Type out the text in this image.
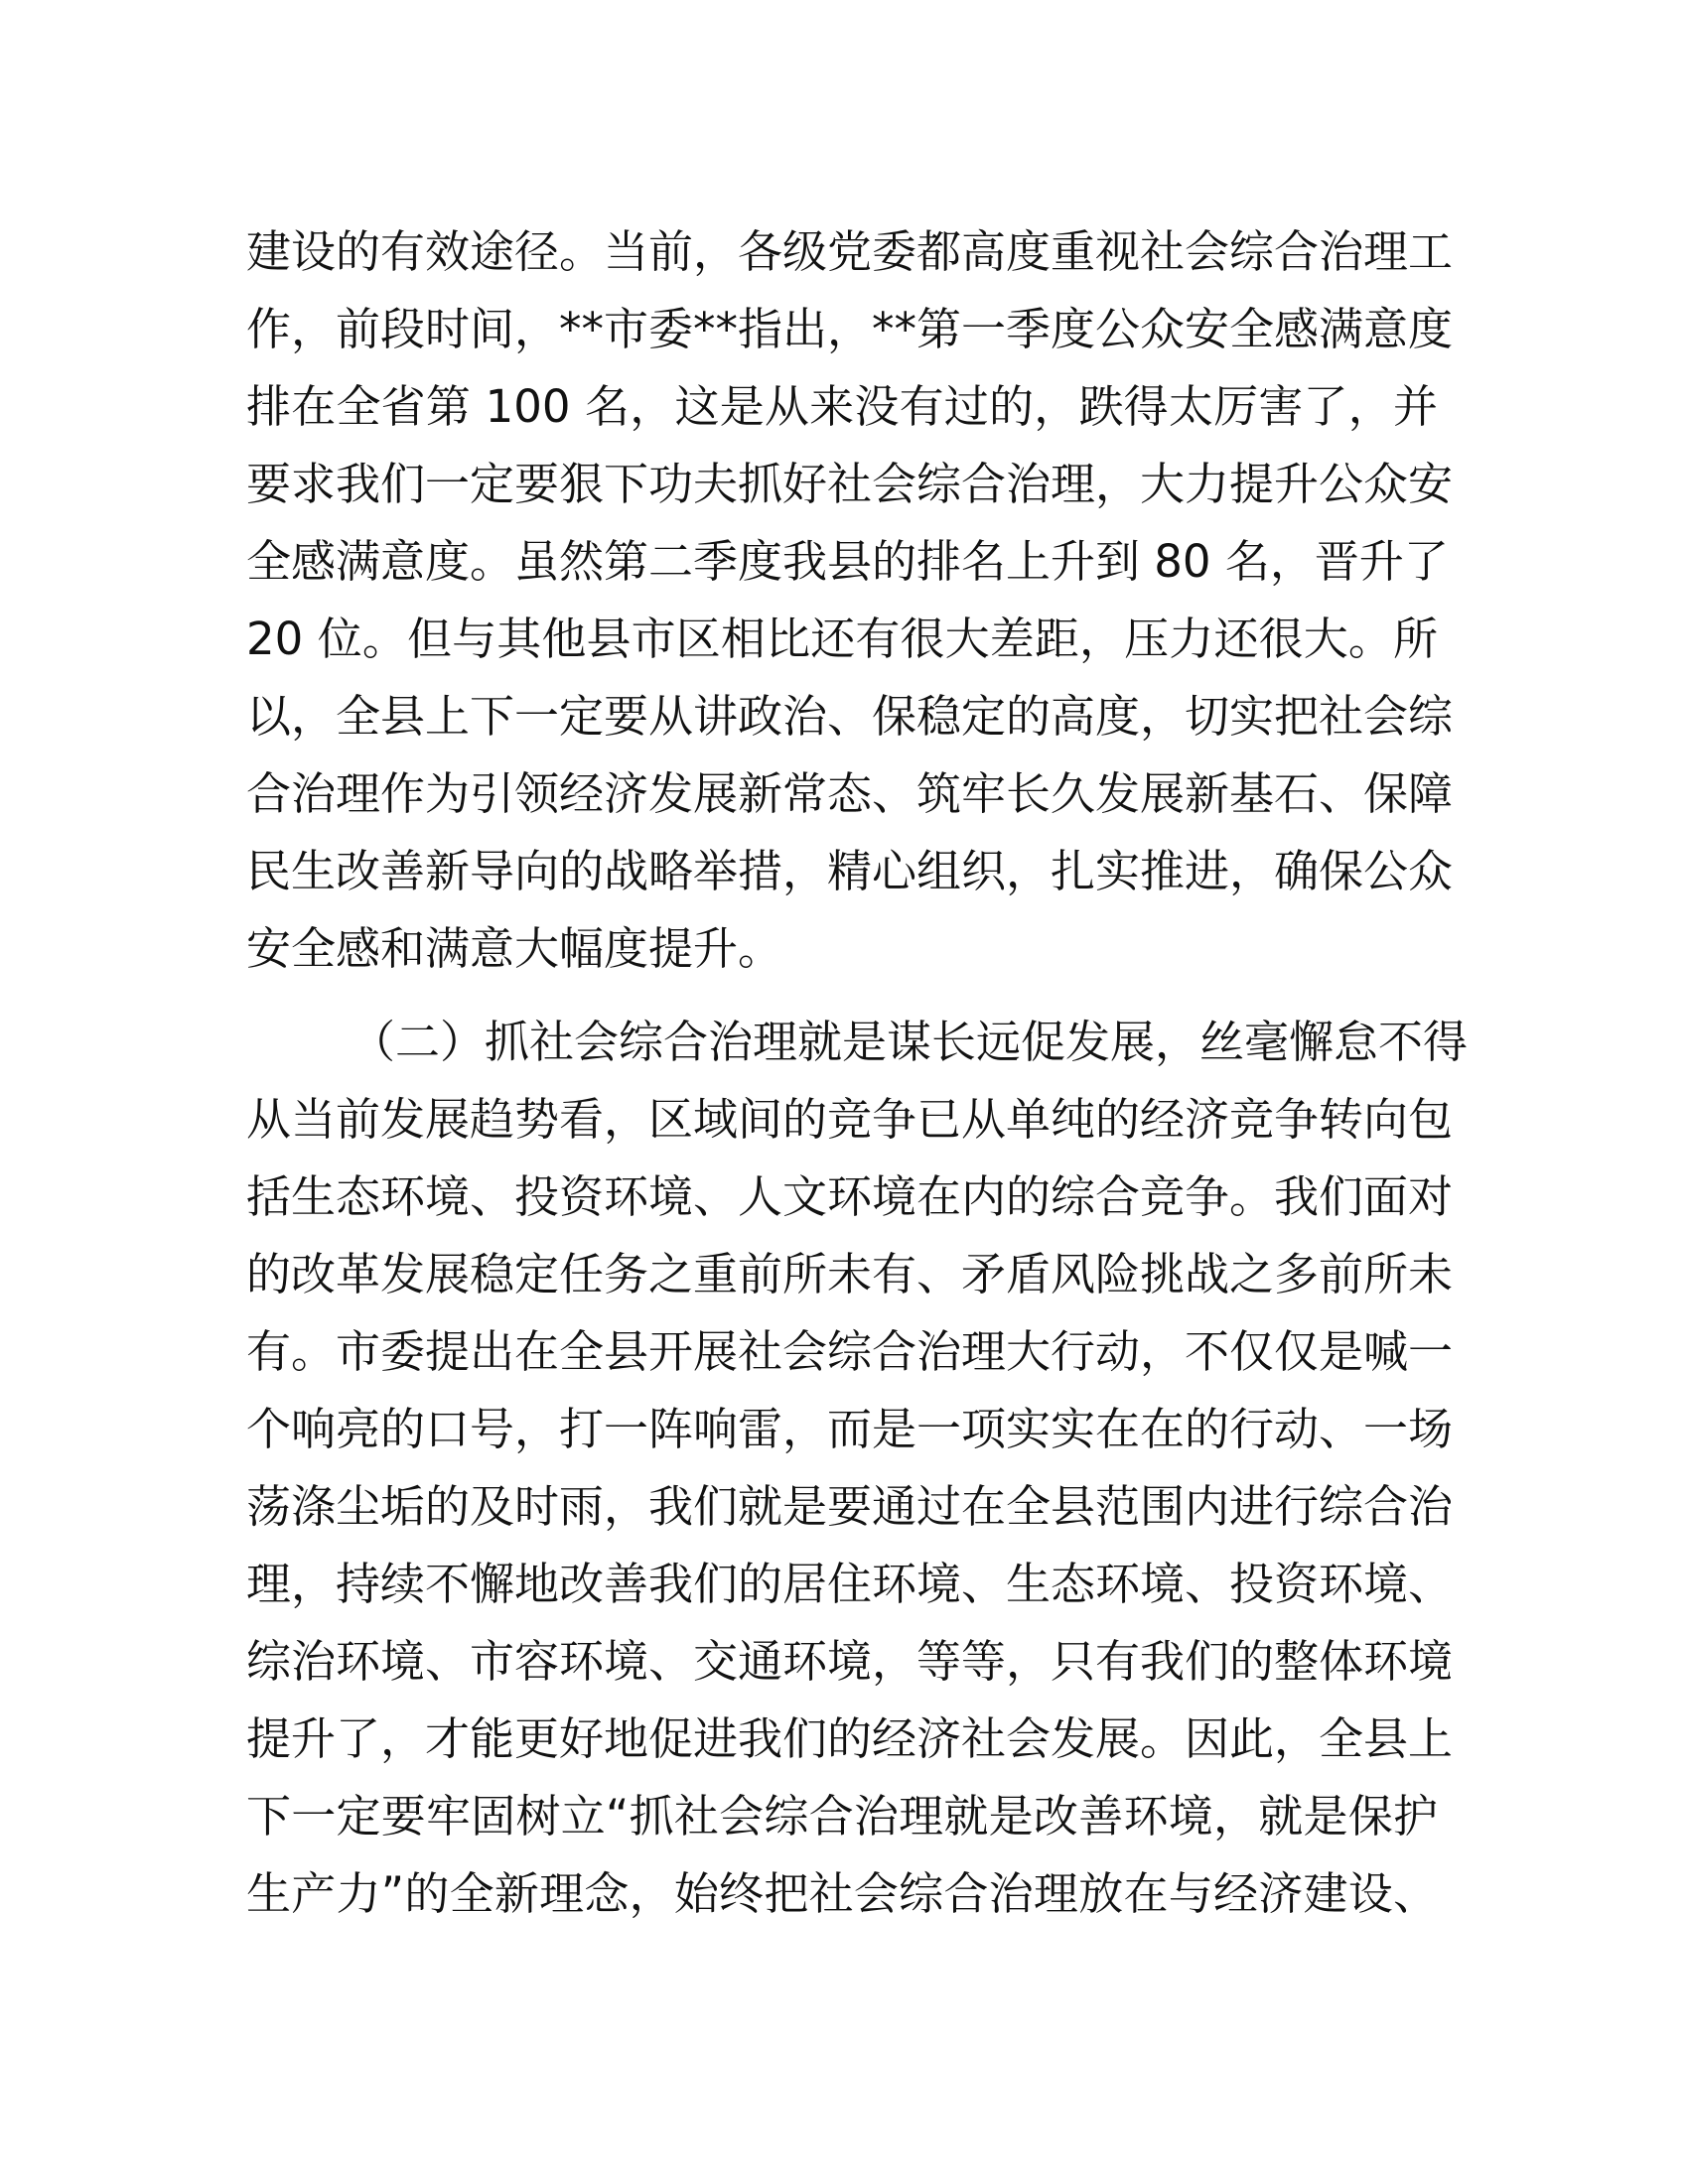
建设的有效途径。当前，各级党委都高度重视社会综合治理工
作，前段时间，**市委**指出，**第一季度公众安全感满意度
排在全省第 100 名，这是从来没有过的，跌得太厉害了，并
要求我们一定要狠下功夫抓好社会综合治理，大力提升公众安
全感满意度。虽然第二季度我县的排名上升到 80 名，晋升了
20 位。但与其他县市区相比还有很大差距，压力还很大。所
以，全县上下一定要从讲政治、保稳定的高度，切实把社会综
合治理作为引领经济发展新常态、筑牢长久发展新基石、保障
民生改善新导向的战略举措，精心组织，扎实推进，确保公众
安全感和满意大幅度提升。
（二）抓社会综合治理就是谋长远促发展，丝毫懈怠不得
从当前发展趋势看，区域间的竞争已从单纯的经济竞争转向包
括生态环境、投资环境、人文环境在内的综合竞争。我们面对
的改革发展稳定任务之重前所未有、矛盾风险挑战之多前所未
有。市委提出在全县开展社会综合治理大行动，不仅仅是喊一
个响亮的口号，打一阵响雷，而是一项实实在在的行动、一场
荡涤尘垢的及时雨，我们就是要通过在全县范围内进行综合治
理，持续不懈地改善我们的居住环境、生态环境、投资环境、
综治环境、市容环境、交通环境，等等，只有我们的整体环境
提升了，才能更好地促进我们的经济社会发展。因此，全县上
下一定要牢固树立“抓社会综合治理就是改善环境，就是保护
生产力”的全新理念，始终把社会综合治理放在与经济建设、
